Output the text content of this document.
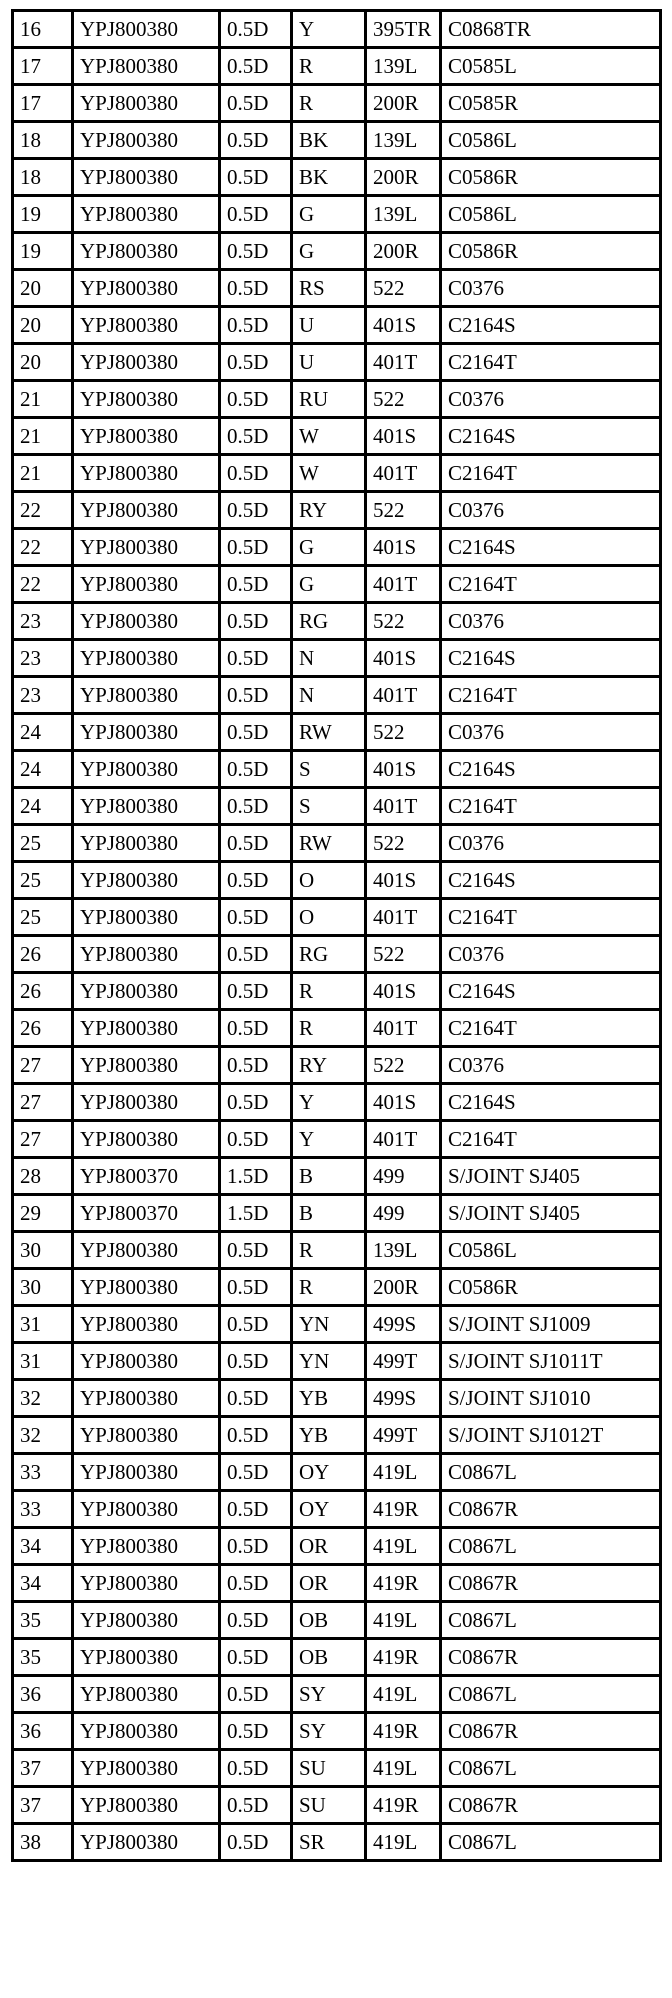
16	YPJ800380	0.5D	Y	395TR	C0868TR
17	YPJ800380	0.5D	R	139L	C0585L
17	YPJ800380	0.5D	R	200R	C0585R
18	YPJ800380	0.5D	BK	139L	C0586L
18	YPJ800380	0.5D	BK	200R	C0586R
19	YPJ800380	0.5D	G	139L	C0586L
19	YPJ800380	0.5D	G	200R	C0586R
20	YPJ800380	0.5D	RS	522	C0376
20	YPJ800380	0.5D	U	401S	C2164S
20	YPJ800380	0.5D	U	401T	C2164T
21	YPJ800380	0.5D	RU	522	C0376
21	YPJ800380	0.5D	W	401S	C2164S
21	YPJ800380	0.5D	W	401T	C2164T
22	YPJ800380	0.5D	RY	522	C0376
22	YPJ800380	0.5D	G	401S	C2164S
22	YPJ800380	0.5D	G	401T	C2164T
23	YPJ800380	0.5D	RG	522	C0376
23	YPJ800380	0.5D	N	401S	C2164S
23	YPJ800380	0.5D	N	401T	C2164T
24	YPJ800380	0.5D	RW	522	C0376
24	YPJ800380	0.5D	S	401S	C2164S
24	YPJ800380	0.5D	S	401T	C2164T
25	YPJ800380	0.5D	RW	522	C0376
25	YPJ800380	0.5D	O	401S	C2164S
25	YPJ800380	0.5D	O	401T	C2164T
26	YPJ800380	0.5D	RG	522	C0376
26	YPJ800380	0.5D	R	401S	C2164S
26	YPJ800380	0.5D	R	401T	C2164T
27	YPJ800380	0.5D	RY	522	C0376
27	YPJ800380	0.5D	Y	401S	C2164S
27	YPJ800380	0.5D	Y	401T	C2164T
28	YPJ800370	1.5D	B	499	S/JOINT SJ405
29	YPJ800370	1.5D	B	499	S/JOINT SJ405
30	YPJ800380	0.5D	R	139L	C0586L
30	YPJ800380	0.5D	R	200R	C0586R
31	YPJ800380	0.5D	YN	499S	S/JOINT SJ1009
31	YPJ800380	0.5D	YN	499T	S/JOINT SJ1011T
32	YPJ800380	0.5D	YB	499S	S/JOINT SJ1010
32	YPJ800380	0.5D	YB	499T	S/JOINT SJ1012T
33	YPJ800380	0.5D	OY	419L	C0867L
33	YPJ800380	0.5D	OY	419R	C0867R
34	YPJ800380	0.5D	OR	419L	C0867L
34	YPJ800380	0.5D	OR	419R	C0867R
35	YPJ800380	0.5D	OB	419L	C0867L
35	YPJ800380	0.5D	OB	419R	C0867R
36	YPJ800380	0.5D	SY	419L	C0867L
36	YPJ800380	0.5D	SY	419R	C0867R
37	YPJ800380	0.5D	SU	419L	C0867L
37	YPJ800380	0.5D	SU	419R	C0867R
38	YPJ800380	0.5D	SR	419L	C0867L
